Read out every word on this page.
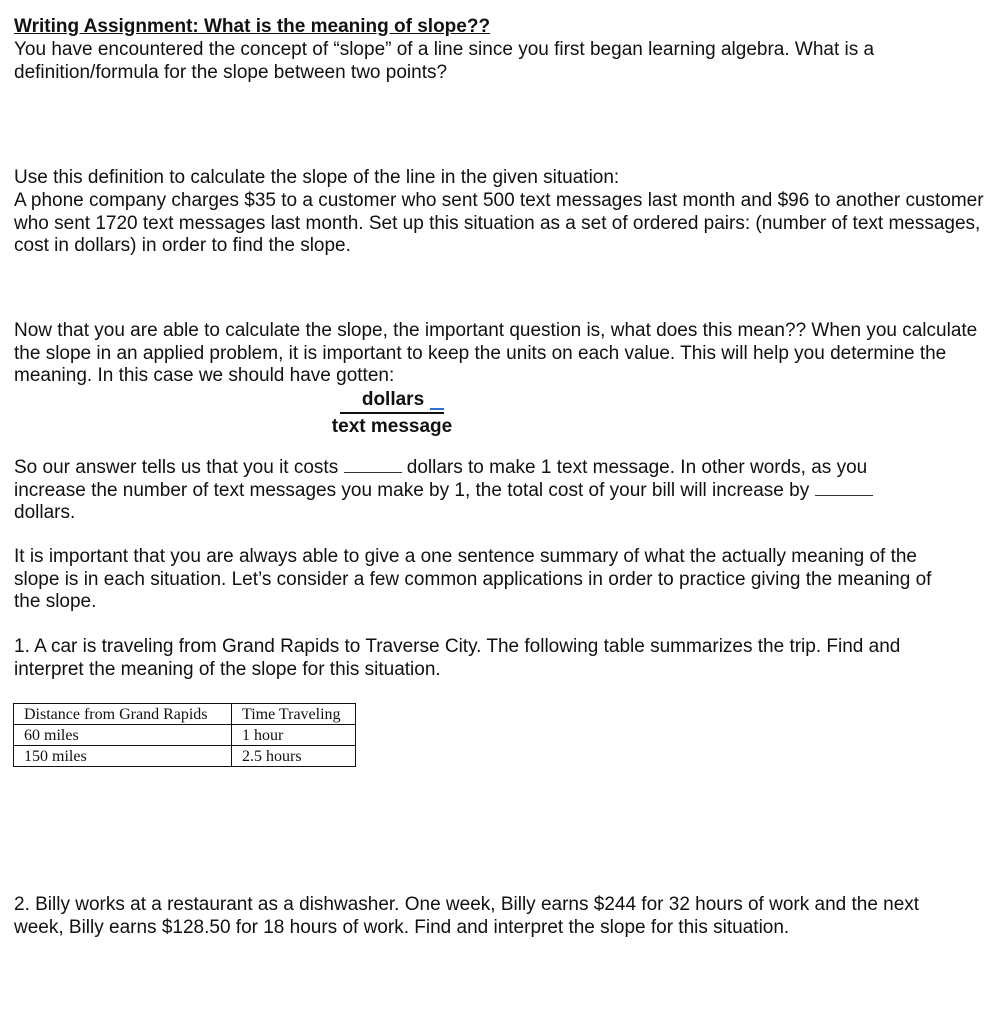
Writing Assignment: What is the meaning of slope??
You have encountered the concept of “slope” of a line since you first began learning algebra. What is a definition/formula for the slope between two points?
Use this definition to calculate the slope of the line in the given situation:
A phone company charges $35 to a customer who sent 500 text messages last month and $96 to another customer who sent 1720 text messages last month. Set up this situation as a set of ordered pairs: (number of text messages, cost in dollars) in order to find the slope.
Now that you are able to calculate the slope, the important question is, what does this mean?? When you calculate the slope in an applied problem, it is important to keep the units on each value. This will help you determine the meaning. In this case we should have gotten:
dollars
text message
So our answer tells us that you it costs	dollars to make 1 text message. In other words, as you increase the number of text messages you make by 1, the total cost of your bill will increase by
dollars.
It is important that you are always able to give a one sentence summary of what the actually meaning of the slope is in each situation. Let’s consider a few common applications in order to practice giving the meaning of the slope.
1. A car is traveling from Grand Rapids to Traverse City. The following table summarizes the trip. Find and interpret the meaning of the slope for this situation.
Distance from Grand Rapids	Time Traveling
60 miles	1 hour
150 miles	2.5 hours
2. Billy works at a restaurant as a dishwasher. One week, Billy earns $244 for 32 hours of work and the next week, Billy earns $128.50 for 18 hours of work. Find and interpret the slope for this situation.
